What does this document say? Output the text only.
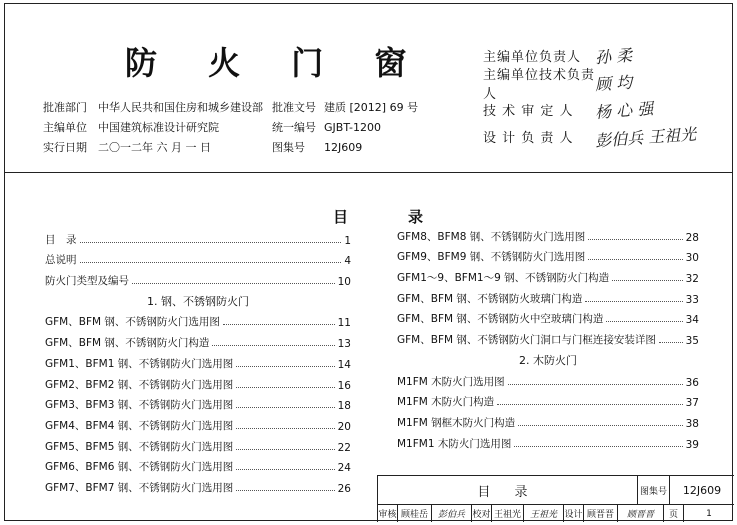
防 火 门 窗
批准部门	中华人民共和国住房和城乡建设部 批准文号 建质 [2012] 69 号
主编单位	中国建筑标准设计研究院	统一编号 GJBT-1200
实行日期	二〇一二年 六 月 一 日	图集号	12J609
主编单位负责人 孙 柔
主编单位技术负责人	顾 均
技 术 审 定 人	杨 心 强
设 计 负 责 人	彭伯兵 王祖光
目	录
目　录	1
总说明	4
防火门类型及编号	10
1. 钢、不锈钢防火门
GFM、BFM 钢、不锈钢防火门选用图	11
GFM、BFM 钢、不锈钢防火门构造	13
GFM1、BFM1 钢、不锈钢防火门选用图	14
GFM2、BFM2 钢、不锈钢防火门选用图	16
GFM3、BFM3 钢、不锈钢防火门选用图	18
GFM4、BFM4 钢、不锈钢防火门选用图	20
GFM5、BFM5 钢、不锈钢防火门选用图	22
GFM6、BFM6 钢、不锈钢防火门选用图	24
GFM7、BFM7 钢、不锈钢防火门选用图	26
GFM8、BFM8 钢、不锈钢防火门选用图	28
GFM9、BFM9 钢、不锈钢防火门选用图	30
GFM1～9、BFM1～9 钢、不锈钢防火门构造	32
GFM、BFM 钢、不锈钢防火玻璃门构造	33
GFM、BFM 钢、不锈钢防火中空玻璃门构造	34
GFM、BFM 钢、不锈钢防火门洞口与门框连接安装详图	35
2. 木防火门
M1FM 木防火门选用图	36
M1FM 木防火门构造	37
M1FM 钢框木防火门构造	38
M1FM1 木防火门选用图	39
目 录	图集号	12J609
审核 顾桂岳	彭伯兵 校对 王祖光 王祖光 设计 顾晋晋	顾晋晋	页	1
